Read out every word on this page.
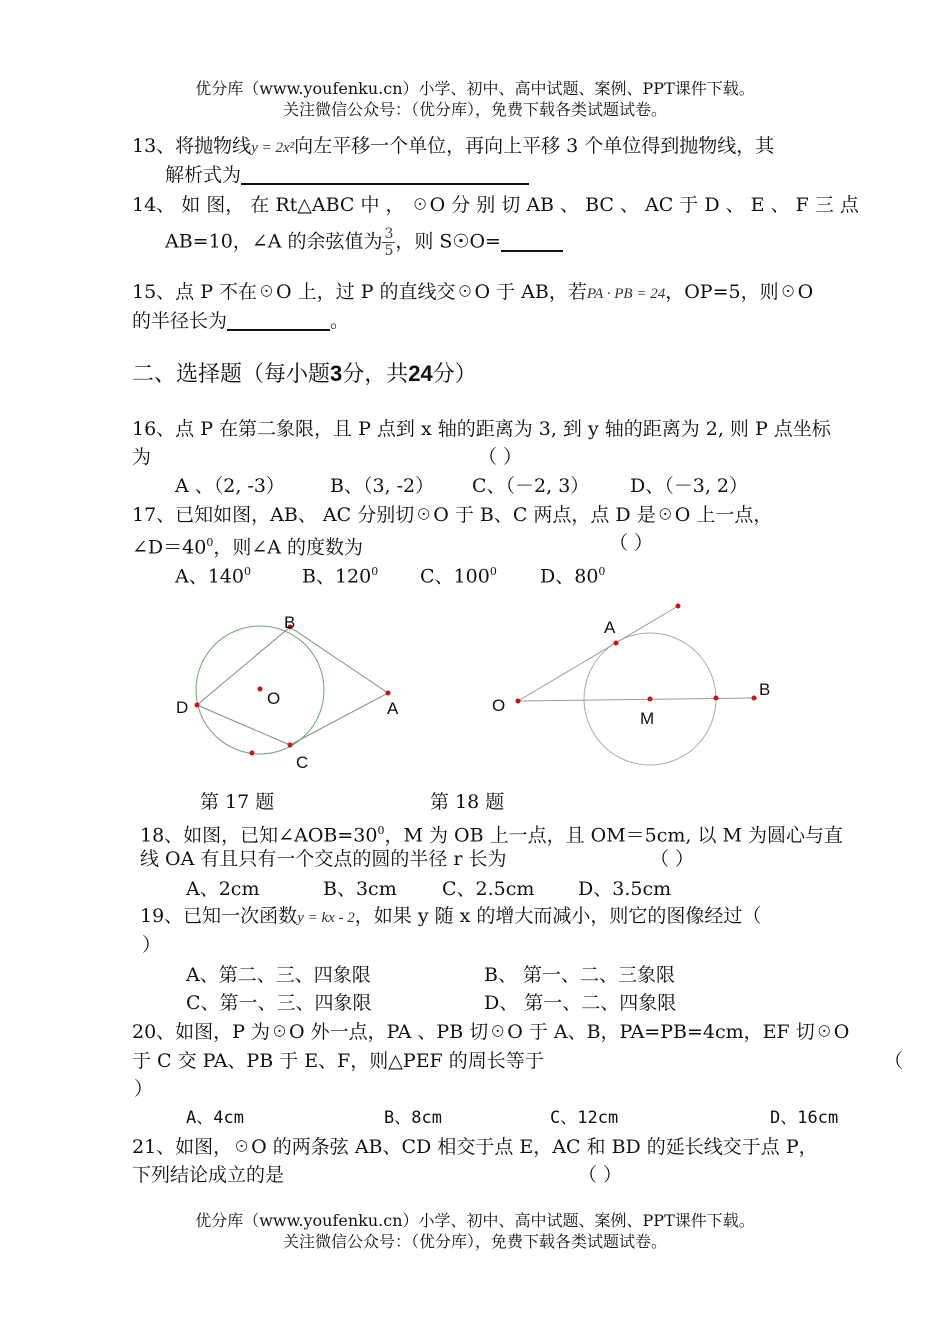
优分库（www.youfenku.cn）小学、初中、高中试题、案例、PPT课件下载。
关注微信公众号：（优分库），免费下载各类试题试卷。
13、将抛物线y = 2x²向左平移一个单位，再向上平移 3 个单位得到抛物线，其
解析式为
14、 如 图， 在 Rt△ABC 中 ， ☉O 分 别 切 AB 、 BC 、 AC 于 D 、 E 、 F 三 点
AB=10，∠A 的余弦值为 $\frac{3}{5}$ ，则 S☉O=
15、点 P 不在☉O 上，过 P 的直线交☉O 于 AB，若PA · PB = 24，OP=5，则☉O
的半径长为	。
二、选择题（每小题3分，共24分）
16、点 P 在第二象限，且 P 点到 x 轴的距离为 3, 到 y 轴的距离为 2, 则 P 点坐标
为	（ ）
A 、（2, -3） B、（3, -2） C、（－2, 3） D、（－3, 2）
17、已知如图，AB、 AC 分别切☉O 于 B、C 两点，点 D 是☉O 上一点，
$\angle D=40^0$，则∠A 的度数为	（ ）
A、$140^0$	B、$120^0$ C、$100^0$ D、$80^0$
B
O
D	A
C
A
O
M
B
第 17 题	第 18 题
18、如图，已知$\angle AOB=30^0$，M 为 OB 上一点，且 OM＝5cm, 以 M 为圆心与直
线 OA 有且只有一个交点的圆的半径 r 长为	（ ）
A、2cm	B、3cm C、2.5cm D、3.5cm
19、已知一次函数y = kx - 2，如果 y 随 x 的增大而减小，则它的图像经过（
）
A、第二、三、四象限	B、 第一、二、三象限
C、第一、三、四象限	D、 第一、二、四象限
20、如图，P 为☉O 外一点，PA 、PB 切☉O 于 A、B，PA=PB=4cm，EF 切☉O
于 C 交 PA、PB 于 E、F，则△PEF 的周长等于	（
）
A、4cm	B、8cm	C、12cm	D、16cm
21、如图，☉O 的两条弦 AB、CD 相交于点 E，AC 和 BD 的延长线交于点 P，
下列结论成立的是	（ ）
优分库（www.youfenku.cn）小学、初中、高中试题、案例、PPT课件下载。
关注微信公众号：（优分库），免费下载各类试题试卷。
